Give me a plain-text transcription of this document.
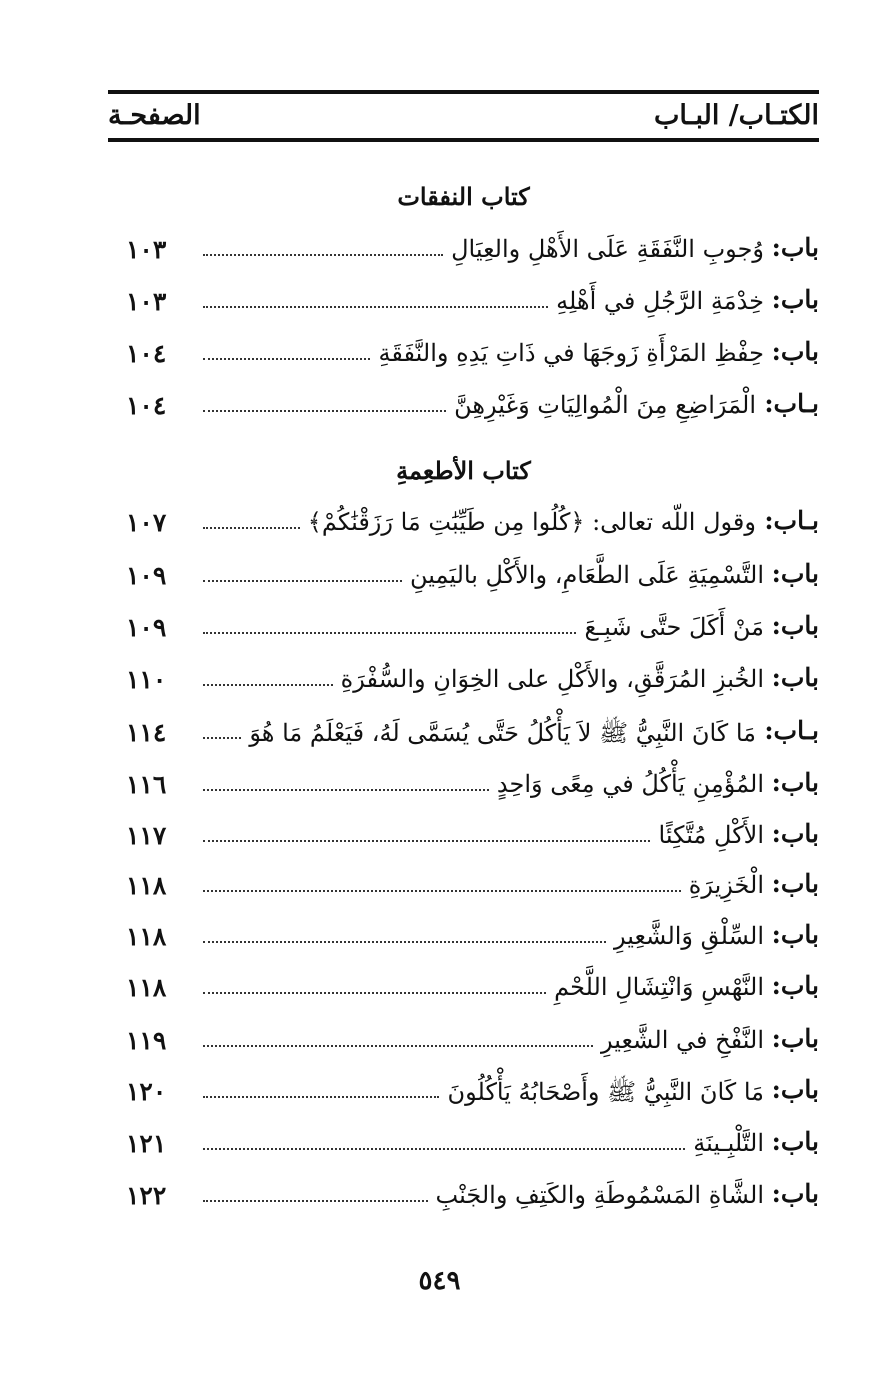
الكتـاب/ البـاب
الصفحـة
كتاب النفقات
كتاب الأطعِمةِ
باب:
وُجوبِ النَّفَقَةِ عَلَى الأَهْلِ والعِيَالِ
١٠٣
باب:
خِدْمَةِ الرَّجُلِ في أَهْلِهِ
١٠٣
باب:
حِفْظِ المَرْأَةِ زَوجَهَا في ذَاتِ يَدِهِ والنَّفَقَةِ
١٠٤
بـاب:
الْمَرَاضِعِ مِنَ الْمُوالِيَاتِ وَغَيْرِهِنَّ
١٠٤
بـاب:
وقول اللّه تعالى: ﴿كُلُوا مِن طَيِّبَٰتِ مَا رَزَقْنَٰكُمْ﴾
١٠٧
باب:
التَّسْمِيَةِ عَلَى الطَّعَامِ، والأَكْلِ باليَمِينِ
١٠٩
باب:
مَنْ أَكَلَ حتَّى شَبِـعَ
١٠٩
باب:
الخُبزِ المُرَقَّقِ، والأَكْلِ على الخِوَانِ والسُّفْرَةِ
١١٠
بـاب:
مَا كَانَ النَّبِيُّ ﷺ لاَ يَأْكُلُ حَتَّى يُسَمَّى لَهُ، فَيَعْلَمُ مَا هُوَ
١١٤
باب:
المُؤْمِنِ يَأْكُلُ في مِعًى وَاحِدٍ
١١٦
باب:
الأَكْلِ مُتَّكِئًا
١١٧
باب:
الْخَزِيرَةِ
١١٨
باب:
السِّلْقِ وَالشَّعِيرِ
١١٨
باب:
النَّهْسِ وَانْتِشَالِ اللَّحْمِ
١١٨
باب:
النَّفْخِ في الشَّعِيرِ
١١٩
باب:
مَا كَانَ النَّبِيُّ ﷺ وأَصْحَابُهُ يَأْكُلُونَ
١٢٠
باب:
التَّلْبِـينَةِ
١٢١
باب:
الشَّاةِ المَسْمُوطَةِ والكَتِفِ والجَنْبِ
١٢٢
٥٤٩
